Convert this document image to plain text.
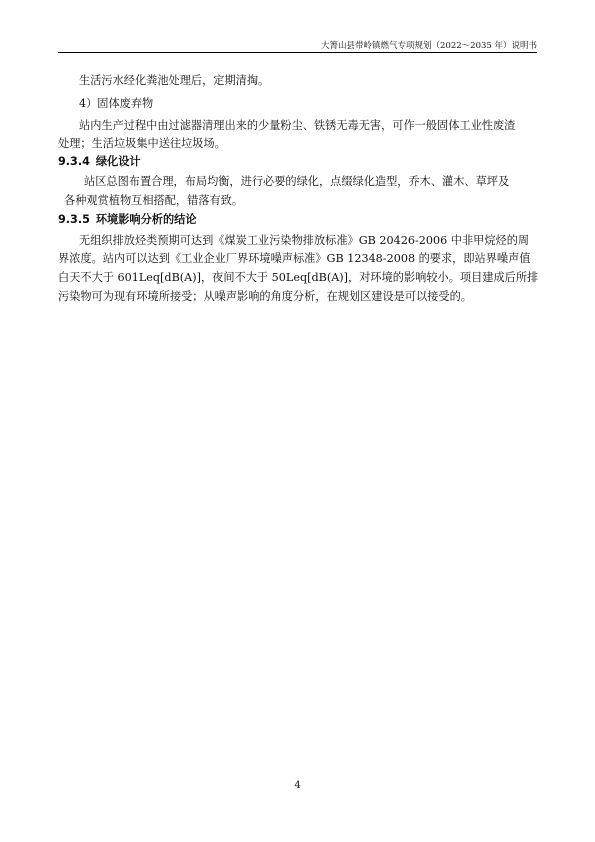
大箐山县带岭镇燃气专项规划（2022～2035 年）说明书
生活污水经化粪池处理后，定期清掏。
4）固体废弃物
站内生产过程中由过滤器清理出来的少量粉尘、铁锈无毒无害，可作一般固体工业性废渣
处理；生活垃圾集中送往垃圾场。
9.3.4 绿化设计
站区总图布置合理，布局均衡，进行必要的绿化，点缀绿化造型，乔木、灌木、草坪及
各种观赏植物互相搭配，错落有致。
9.3.5 环境影响分析的结论
无组织排放烃类预期可达到《煤炭工业污染物排放标准》GB 20426-2006 中非甲烷烃的周
界浓度。站内可以达到《工业企业厂界环境噪声标准》GB 12348-2008 的要求，即站界噪声值
白天不大于 601Leq[dB(A)]，夜间不大于 50Leq[dB(A)]，对环境的影响较小。项目建成后所排
污染物可为现有环境所接受；从噪声影响的角度分析，在规划区建设是可以接受的。
4
